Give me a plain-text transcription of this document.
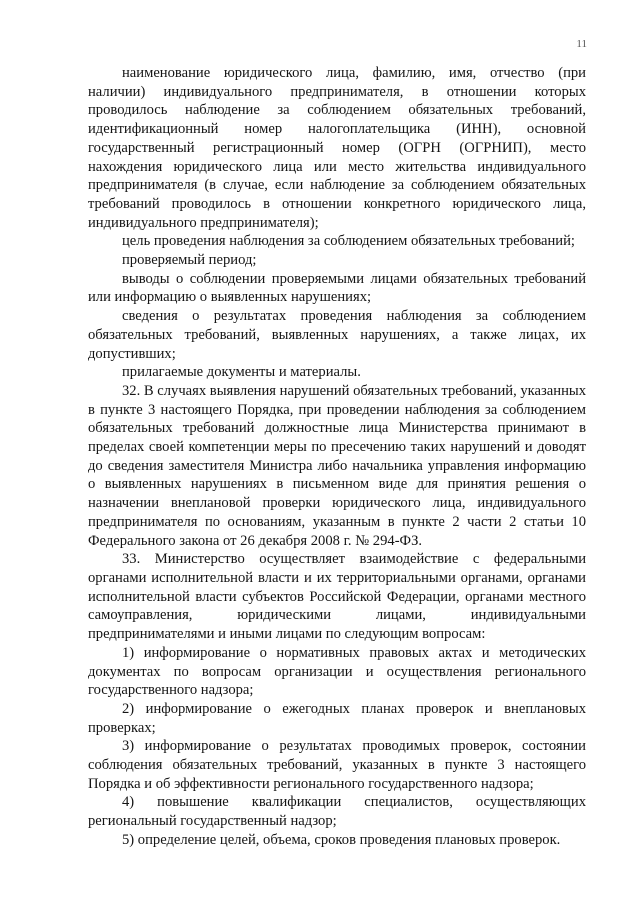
11

наименование юридического лица, фамилию, имя, отчество (при наличии) индивидуального предпринимателя, в отношении которых проводилось наблюдение за соблюдением обязательных требований, идентификационный номер налогоплательщика (ИНН), основной государственный регистрационный номер (ОГРН (ОГРНИП), место нахождения юридического лица или место жительства индивидуального предпринимателя (в случае, если наблюдение за соблюдением обязательных требований проводилось в отношении конкретного юридического лица, индивидуального предпринимателя);

цель проведения наблюдения за соблюдением обязательных требований;

проверяемый период;

выводы о соблюдении проверяемыми лицами обязательных требований или информацию о выявленных нарушениях;

сведения о результатах проведения наблюдения за соблюдением обязательных требований, выявленных нарушениях, а также лицах, их допустивших;

прилагаемые документы и материалы.

32. В случаях выявления нарушений обязательных требований, указанных в пункте 3 настоящего Порядка, при проведении наблюдения за соблюдением обязательных требований должностные лица Министерства принимают в пределах своей компетенции меры по пресечению таких нарушений и доводят до сведения заместителя Министра либо начальника управления информацию о выявленных нарушениях в письменном виде для принятия решения о назначении внеплановой проверки юридического лица, индивидуального предпринимателя по основаниям, указанным в пункте 2 части 2 статьи 10 Федерального закона от 26 декабря 2008 г. № 294-ФЗ.

33. Министерство осуществляет взаимодействие с федеральными органами исполнительной власти и их территориальными органами, органами исполнительной власти субъектов Российской Федерации, органами местного самоуправления, юридическими лицами, индивидуальными предпринимателями и иными лицами по следующим вопросам:

1) информирование о нормативных правовых актах и методических документах по вопросам организации и осуществления регионального государственного надзора;

2) информирование о ежегодных планах проверок и внеплановых проверках;

3) информирование о результатах проводимых проверок, состоянии соблюдения обязательных требований, указанных в пункте 3 настоящего Порядка и об эффективности регионального государственного надзора;

4) повышение квалификации специалистов, осуществляющих региональный государственный надзор;

5) определение целей, объема, сроков проведения плановых проверок.
